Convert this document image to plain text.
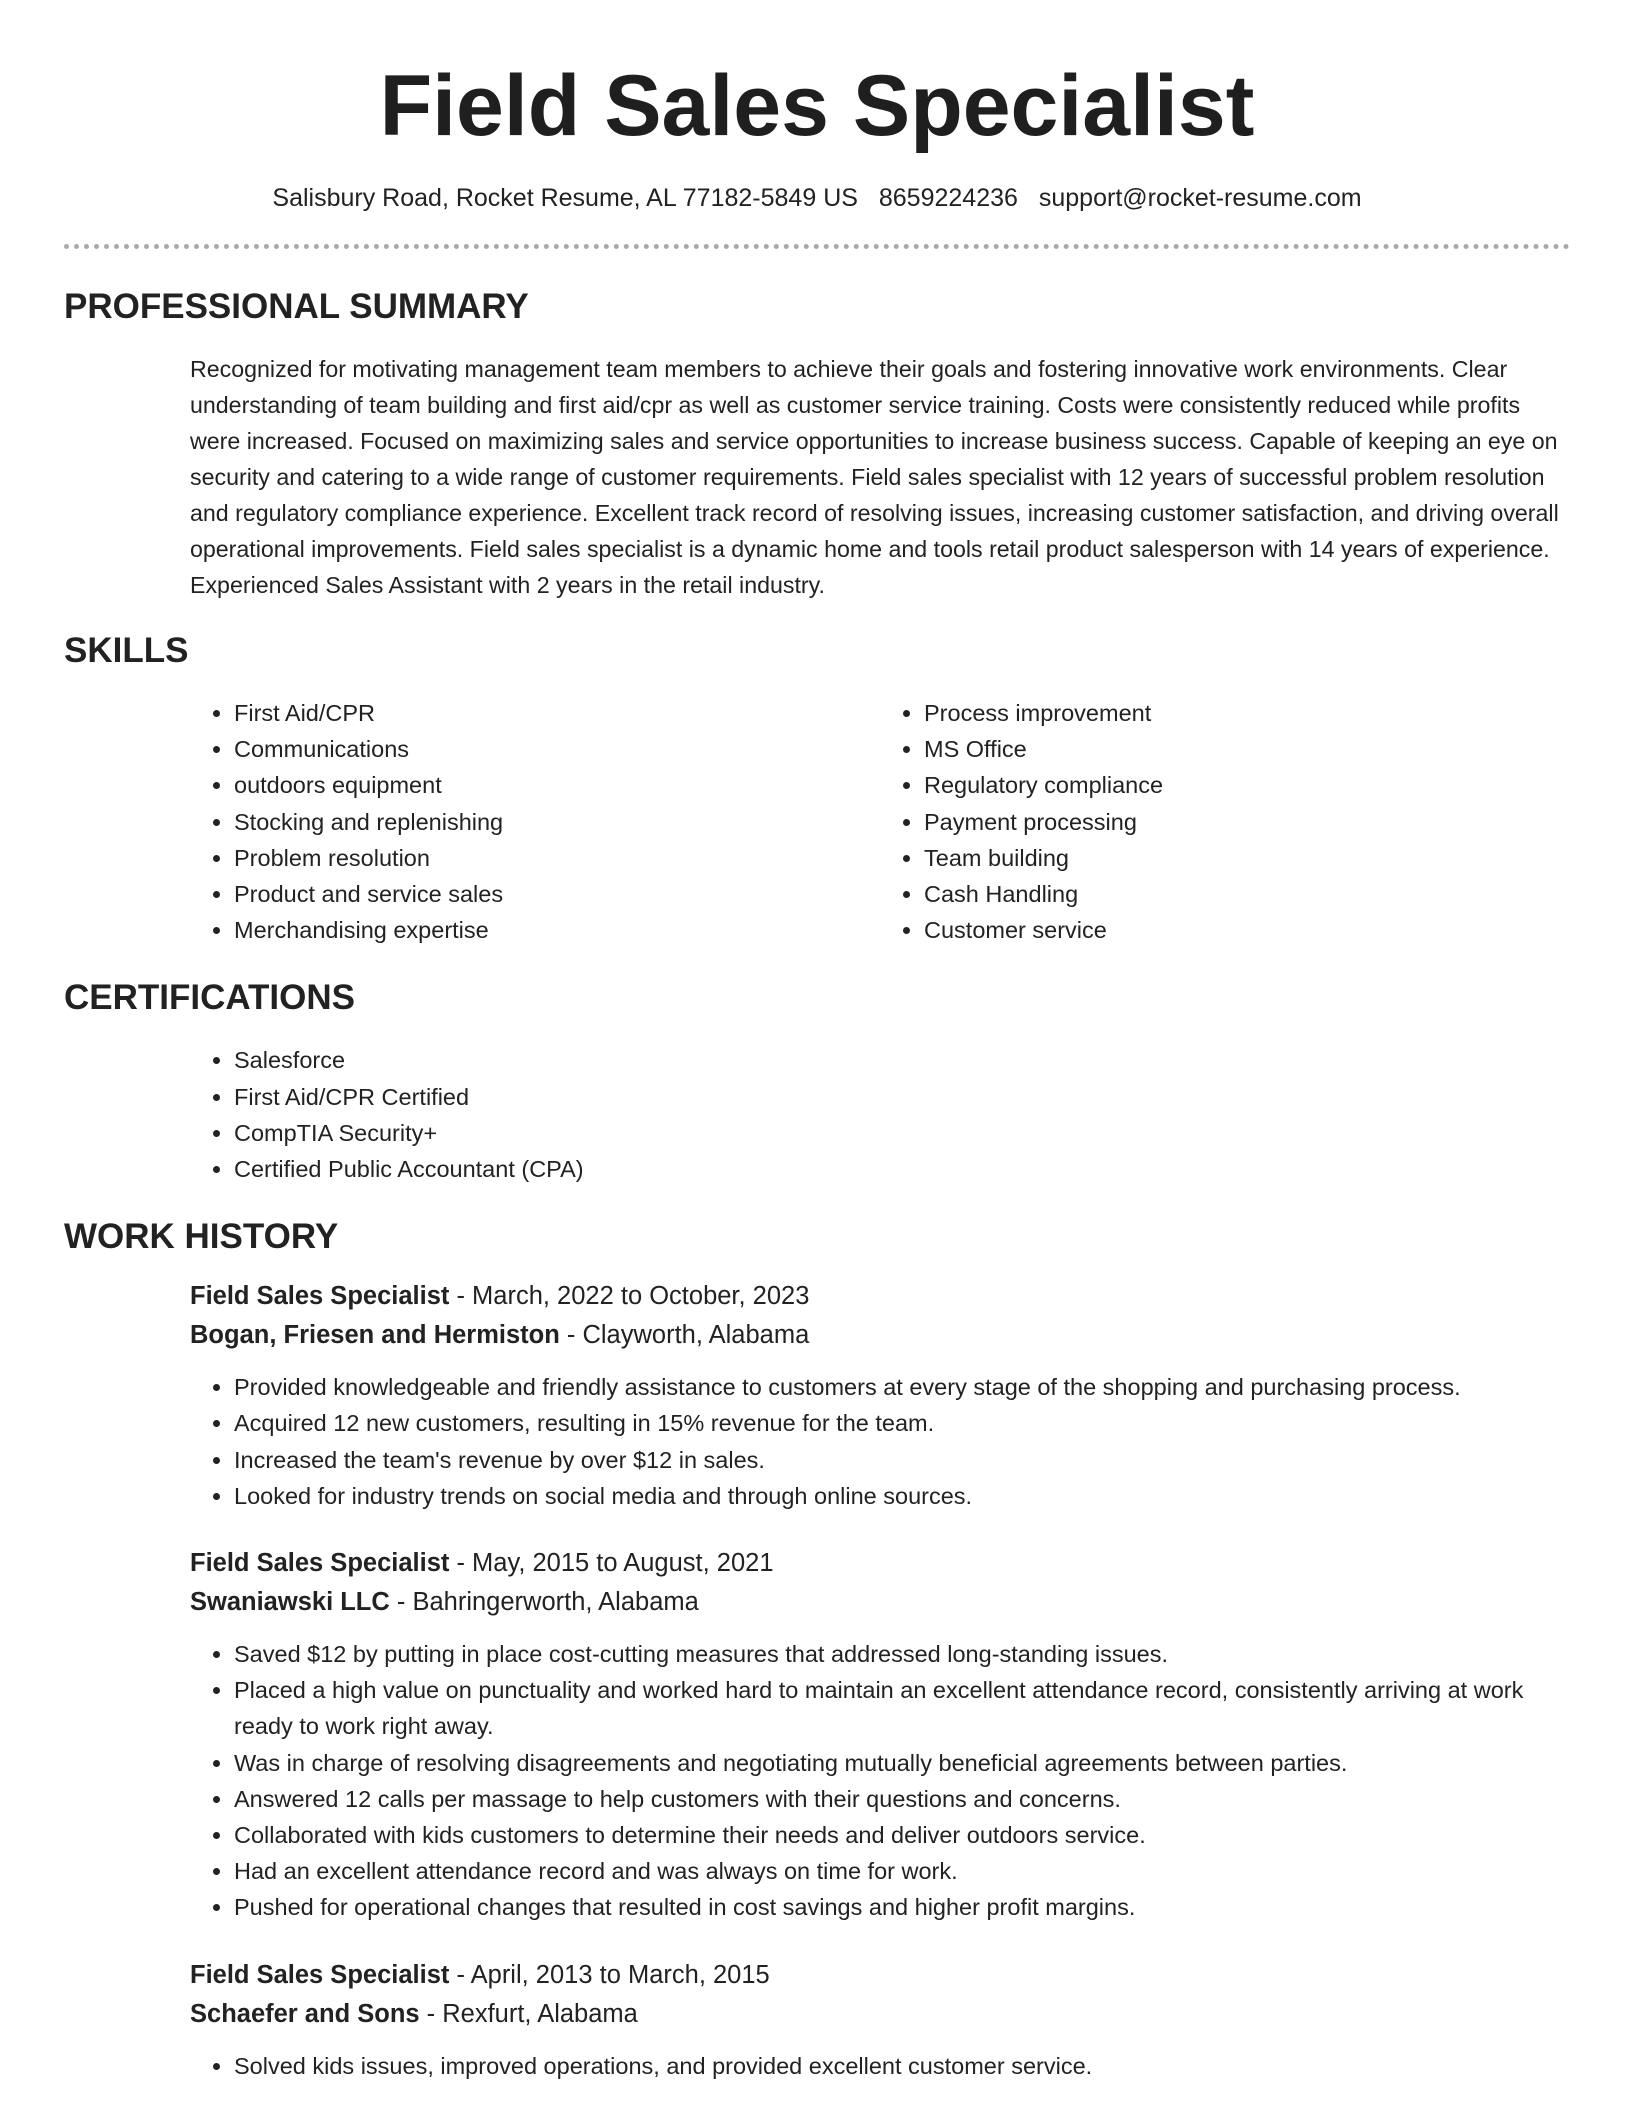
Field Sales Specialist
Salisbury Road, Rocket Resume, AL 77182-5849 US 8659224236 support@rocket-resume.com
PROFESSIONAL SUMMARY

Recognized for motivating management team members to achieve their goals and fostering innovative work environments. Clear understanding of team building and first aid/cpr as well as customer service training. Costs were consistently reduced while profits were increased. Focused on maximizing sales and service opportunities to increase business success. Capable of keeping an eye on security and catering to a wide range of customer requirements. Field sales specialist with 12 years of successful problem resolution and regulatory compliance experience. Excellent track record of resolving issues, increasing customer satisfaction, and driving overall operational improvements. Field sales specialist is a dynamic home and tools retail product salesperson with 14 years of experience. Experienced Sales Assistant with 2 years in the retail industry.

SKILLS
• First Aid/CPR
• Communications
• outdoors equipment
• Stocking and replenishing
• Problem resolution
• Product and service sales
• Merchandising expertise
• Process improvement
• MS Office
• Regulatory compliance
• Payment processing
• Team building
• Cash Handling
• Customer service
CERTIFICATIONS
• Salesforce
• First Aid/CPR Certified
• CompTIA Security+
• Certified Public Accountant (CPA)
WORK HISTORY
Field Sales Specialist - March, 2022 to October, 2023
Bogan, Friesen and Hermiston - Clayworth, Alabama
• Provided knowledgeable and friendly assistance to customers at every stage of the shopping and purchasing process.
• Acquired 12 new customers, resulting in 15% revenue for the team.
• Increased the team's revenue by over $12 in sales.
• Looked for industry trends on social media and through online sources.
Field Sales Specialist - May, 2015 to August, 2021
Swaniawski LLC - Bahringerworth, Alabama
• Saved $12 by putting in place cost-cutting measures that addressed long-standing issues.
• Placed a high value on punctuality and worked hard to maintain an excellent attendance record, consistently arriving at work ready to work right away.
• Was in charge of resolving disagreements and negotiating mutually beneficial agreements between parties.
• Answered 12 calls per massage to help customers with their questions and concerns.
• Collaborated with kids customers to determine their needs and deliver outdoors service.
• Had an excellent attendance record and was always on time for work.
• Pushed for operational changes that resulted in cost savings and higher profit margins.
Field Sales Specialist - April, 2013 to March, 2015
Schaefer and Sons - Rexfurt, Alabama
• Solved kids issues, improved operations, and provided excellent customer service.
